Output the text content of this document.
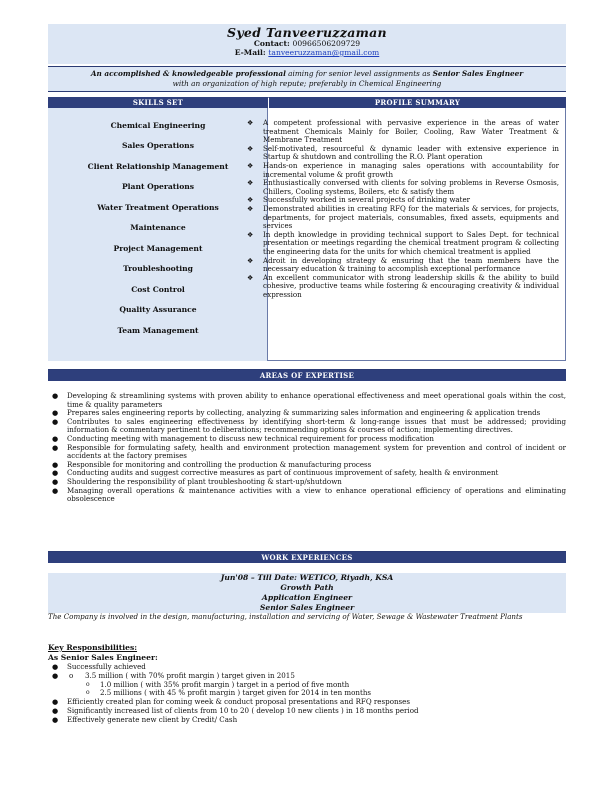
Syed Tanveeruzzaman
Contact: 00966506209729
E-Mail: tanveeruzzaman@gmail.com
An accomplished & knowledgeable professional aiming for senior level assignments as Senior Sales Engineer
with an organization of high repute; preferably in Chemical Engineering
Chemical Engineering
Sales Operations
Client Relationship Management
Plant Operations
Water Treatment Operations
Maintenance
Project Management
Troubleshooting
Cost Control
Quality Assurance
Team Management
SKILLS SET	PROFILE SUMMARY
❖ A competent professional with pervasive experience in the areas of water treatment Chemicals Mainly for Boiler, Cooling, Raw Water Treatment & Membrane Treatment
❖ Self-motivated, resourceful & dynamic leader with extensive experience in Startup & shutdown and controlling the R.O. Plant operation
❖ Hands-on experience in managing sales operations with accountability for incremental volume & profit growth
❖ Enthusiastically conversed with clients for solving problems in Reverse Osmosis, Chillers, Cooling systems, Boilers, etc & satisfy them
❖ Successfully worked in several projects of drinking water
❖ Demonstrated abilities in creating RFQ for the materials & services, for projects, departments, for project materials, consumables, fixed assets, equipments and services
❖ In depth knowledge in providing technical support to Sales Dept. for technical presentation or meetings regarding the chemical treatment program & collecting the engineering data for the units for which chemical treatment is applied
❖ Adroit in developing strategy & ensuring that the team members have the necessary education & training to accomplish exceptional performance
❖ An excellent communicator with strong leadership skills & the ability to build cohesive, productive teams while fostering & encouraging creativity & individual expression
AREAS OF EXPERTISE
● Developing & streamlining systems with proven ability to enhance operational effectiveness and meet operational goals within the cost, time & quality parameters
● Prepares sales engineering reports by collecting, analyzing & summarizing sales information and engineering & application trends
● Contributes to sales engineering effectiveness by identifying short-term & long-range issues that must be addressed; providing information & commentary pertinent to deliberations; recommending options & courses of action; implementing directives.
● Conducting meeting with management to discuss new technical requirement for process modification
● Responsible for formulating safety, health and environment protection management system for prevention and control of incident or accidents at the factory premises
● Responsible for monitoring and controlling the production & manufacturing process
● Conducting audits and suggest corrective measures as part of continuous improvement of safety, health & environment
● Shouldering the responsibility of plant troubleshooting & start-up/shutdown
● Managing overall operations & maintenance activities with a view to enhance operational efficiency of operations and eliminating obsolescence
WORK EXPERIENCES
Jun'08 – Till Date: WETICO, Riyadh, KSA
Growth Path
Application Engineer
Senior Sales Engineer
The Company is involved in the design, manufacturing, installation and servicing of Water, Sewage & Wastewater Treatment Plants
Key Responsibilities:
As Senior Sales Engineer:
● Successfully achieved
● o 3.5 million ( with 70% profit margin ) target given in 2015
o 1.0 million ( with 35% profit margin ) target in a period of five month
o 2.5 millions ( with 45 % profit margin ) target given for 2014 in ten months
● Efficiently created plan for coming week & conduct proposal presentations and RFQ responses
● Significantly increased list of clients from 10 to 20 ( develop 10 new clients ) in 18 months period
● Effectively generate new client by Credit/ Cash
